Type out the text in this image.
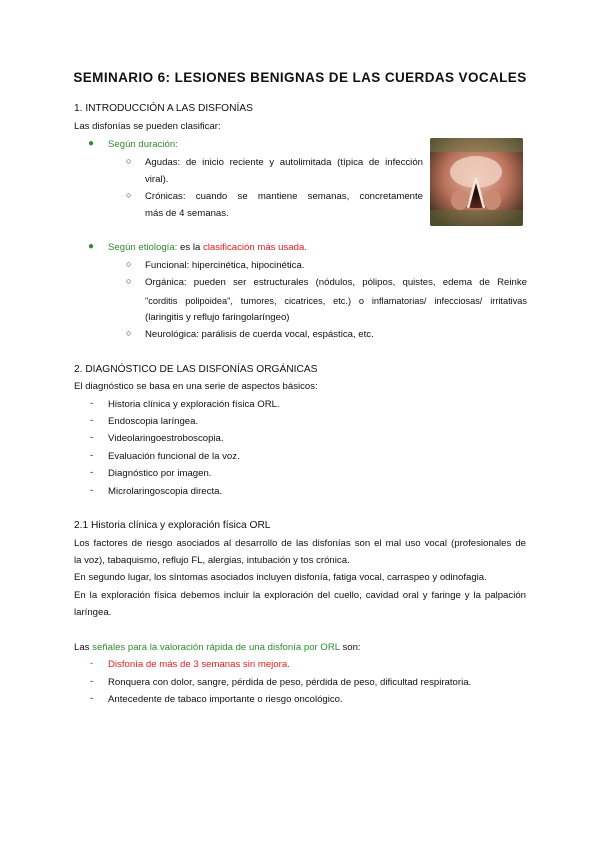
SEMINARIO 6: LESIONES BENIGNAS DE LAS CUERDAS VOCALES
1. INTRODUCCIÓN A LAS DISFONÍAS
Las disfonías se pueden clasificar:
● Según duración:
○ Agudas: de inicio reciente y autolimitada (típica de infección
viral).
○ Crónicas: cuando se mantiene semanas, concretamente
más de 4 semanas.
● Según etiología: es la clasificación más usada.
○ Funcional: hipercinética, hipocinética.
○ Orgánica: pueden ser estructurales (nódulos, pólipos, quistes, edema de Reinke
"corditis polipoidea", tumores, cicatrices, etc.) o inflamatorias/ infecciosas/ irritativas
(laringitis y reflujo faringolaríngeo)
○ Neurológica: parálisis de cuerda vocal, espástica, etc.
2. DIAGNÓSTICO DE LAS DISFONÍAS ORGÁNICAS
El diagnóstico se basa en una serie de aspectos básicos:
- Historia clínica y exploración física ORL.
- Endoscopia laríngea.
- Videolaringoestroboscopia.
- Evaluación funcional de la voz.
- Diagnóstico por imagen.
- Microlaringoscopia directa.
2.1 Historia clínica y exploración física ORL
Los factores de riesgo asociados al desarrollo de las disfonías son el mal uso vocal (profesionales de
la voz), tabaquismo, reflujo FL, alergias, intubación y tos crónica.
En segundo lugar, los síntomas asociados incluyen disfonía, fatiga vocal, carraspeo y odinofagia.
En la exploración física debemos incluir la exploración del cuello, cavidad oral y faringe y la palpación
laríngea.
Las señales para la valoración rápida de una disfonía por ORL son:
- Disfonía de más de 3 semanas sin mejora.
- Ronquera con dolor, sangre, pérdida de peso, pérdida de peso, dificultad respiratoria.
- Antecedente de tabaco importante o riesgo oncológico.
